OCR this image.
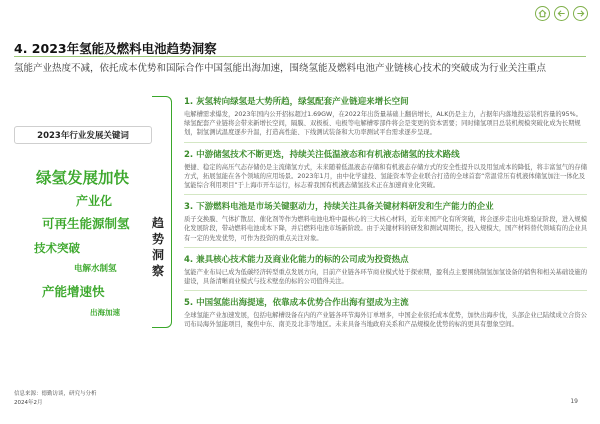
4. 2023年氢能及燃料电池趋势洞察
氢能产业热度不减，依托成本优势和国际合作中国氢能出海加速，围绕氢能及燃料电池产业链核心技术的突破成为行业关注重点
2023年行业发展关键词
绿氢发展加快
产业化
可再生能源制氢
技术突破
电解水制氢
产能增速快
出海加速
趋势洞察
1. 灰氢转向绿氢是大势所趋，绿氢配套产业链迎来增长空间
电解槽需求爆发，2023年国内公开招标超过1.69GW，在2022年出货量基础上翻倍增长，ALK仍是主力，占据年内落地投运装机容量的95%。绿氢配套产业链将会带来新增长空间，隔膜、双极板、电极等电解槽零部件将会是变更的资本需要；同时储氢项目总装机规模突破化成为长期规划，制氢测试温度逐步升温，打造高性能、下线测试装备和大功率测试平台需求逐步呈现。
2. 中游储氢技术不断更迭，持续关注低温液态和有机液态储氢的技术路线
便捷、稳定的高压气态存储仍是主流储氢方式，未来随着低温液态存储和有机液态存储方式的安全性提升以及用氢成本的降低，将丰富氢气的存储方式，拓展氢能在各个领域的应用场景。2023年1月，由中化学建投、氢能资本等企业联合打造的全球首套“常温常压有机液体储氢加注一体化及氢能综合利用项目”于上海市开车运行，标志着我国有机液态储氢技术正在加速商业化突破。
3. 下游燃料电池是市场关键驱动力，持续关注具备关键材料研发和生产能力的企业
质子交换膜、气体扩散层、催化剂等作为燃料电池电堆中最核心的三大核心材料，近年来国产化有所突破，将会逐步走出电堆验证阶段，进入规模化发展阶段，带动燃料电池成本下降，并启燃料电池市场新阶段。由于关键材料的研发和测试周期长，投入规模大，国产材料替代领域有的企业具有一定的先发优势，可作为投资的重点关注对象。
4. 兼具核心技术能力及商业化能力的标的公司成为投资热点
氢能产业布局已成为低碳经济转型重点发展方向，目前产业链各环节商业模式处于探索期，盈利点主要围绕制氢加氢设备的销售和相关基础设施的建设，具备清晰商业模式与技术壁垒的标的公司值得关注。
5. 中国氢能出海提速，依靠成本优势合作出海有望成为主流
全球氢能产业加速发展，包括电解槽设备在内的产业链各环节海外订单增多，中国企业依托成本优势，加快出海步伐，头部企业已陆续成立合资公司布局海外氢能项目，聚焦中东、南美及北非等地区。未来具备当地政府关系和产品规模化优势的标的更具有想象空间。
信息来源：德勤访谈，研究与分析
2024年2月	19
